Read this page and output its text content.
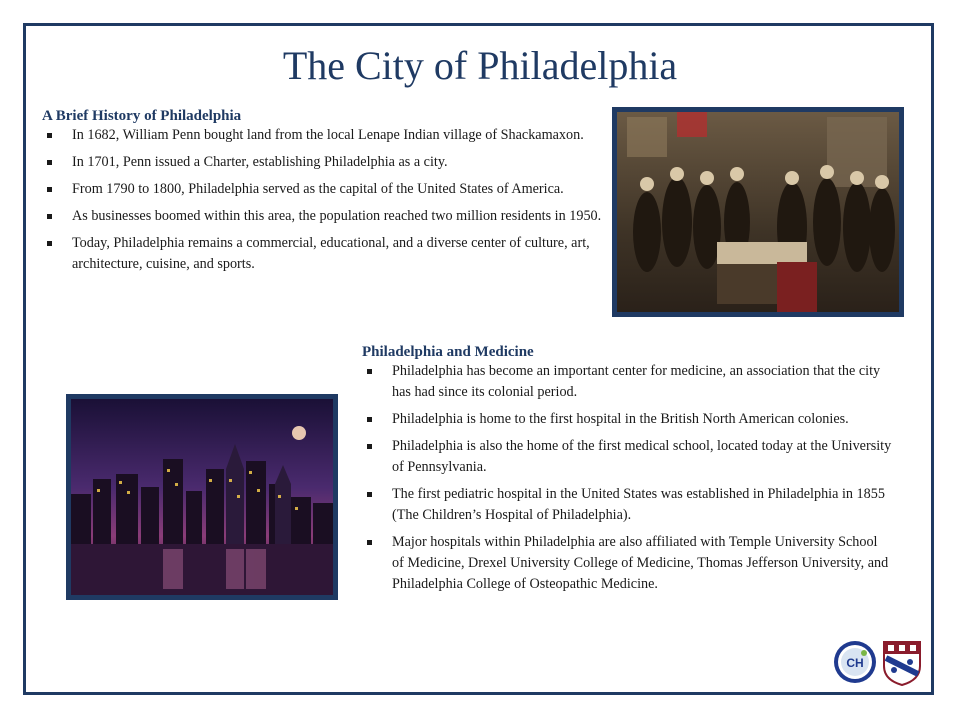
The City of Philadelphia
A Brief History of Philadelphia
In 1682, William Penn bought land from the local Lenape Indian village of Shackamaxon.
In 1701, Penn issued a Charter, establishing Philadelphia as a city.
From 1790 to 1800, Philadelphia served as the capital of the United States of America.
As businesses boomed within this area, the population reached two million residents in 1950.
Today, Philadelphia remains a commercial, educational, and a diverse center of culture, art, architecture, cuisine, and sports.
Philadelphia and Medicine
Philadelphia has become an important center for medicine, an association that the city has had since its colonial period.
Philadelphia is home to the first hospital in the British North American colonies.
Philadelphia is also the home of the first medical school, located today at the University of Pennsylvania.
The first pediatric hospital in the United States was established in Philadelphia in 1855 (The Children’s Hospital of Philadelphia).
Major hospitals within Philadelphia are also affiliated with Temple University School of Medicine, Drexel University College of Medicine, Thomas Jefferson University, and Philadelphia College of Osteopathic Medicine.
CH
